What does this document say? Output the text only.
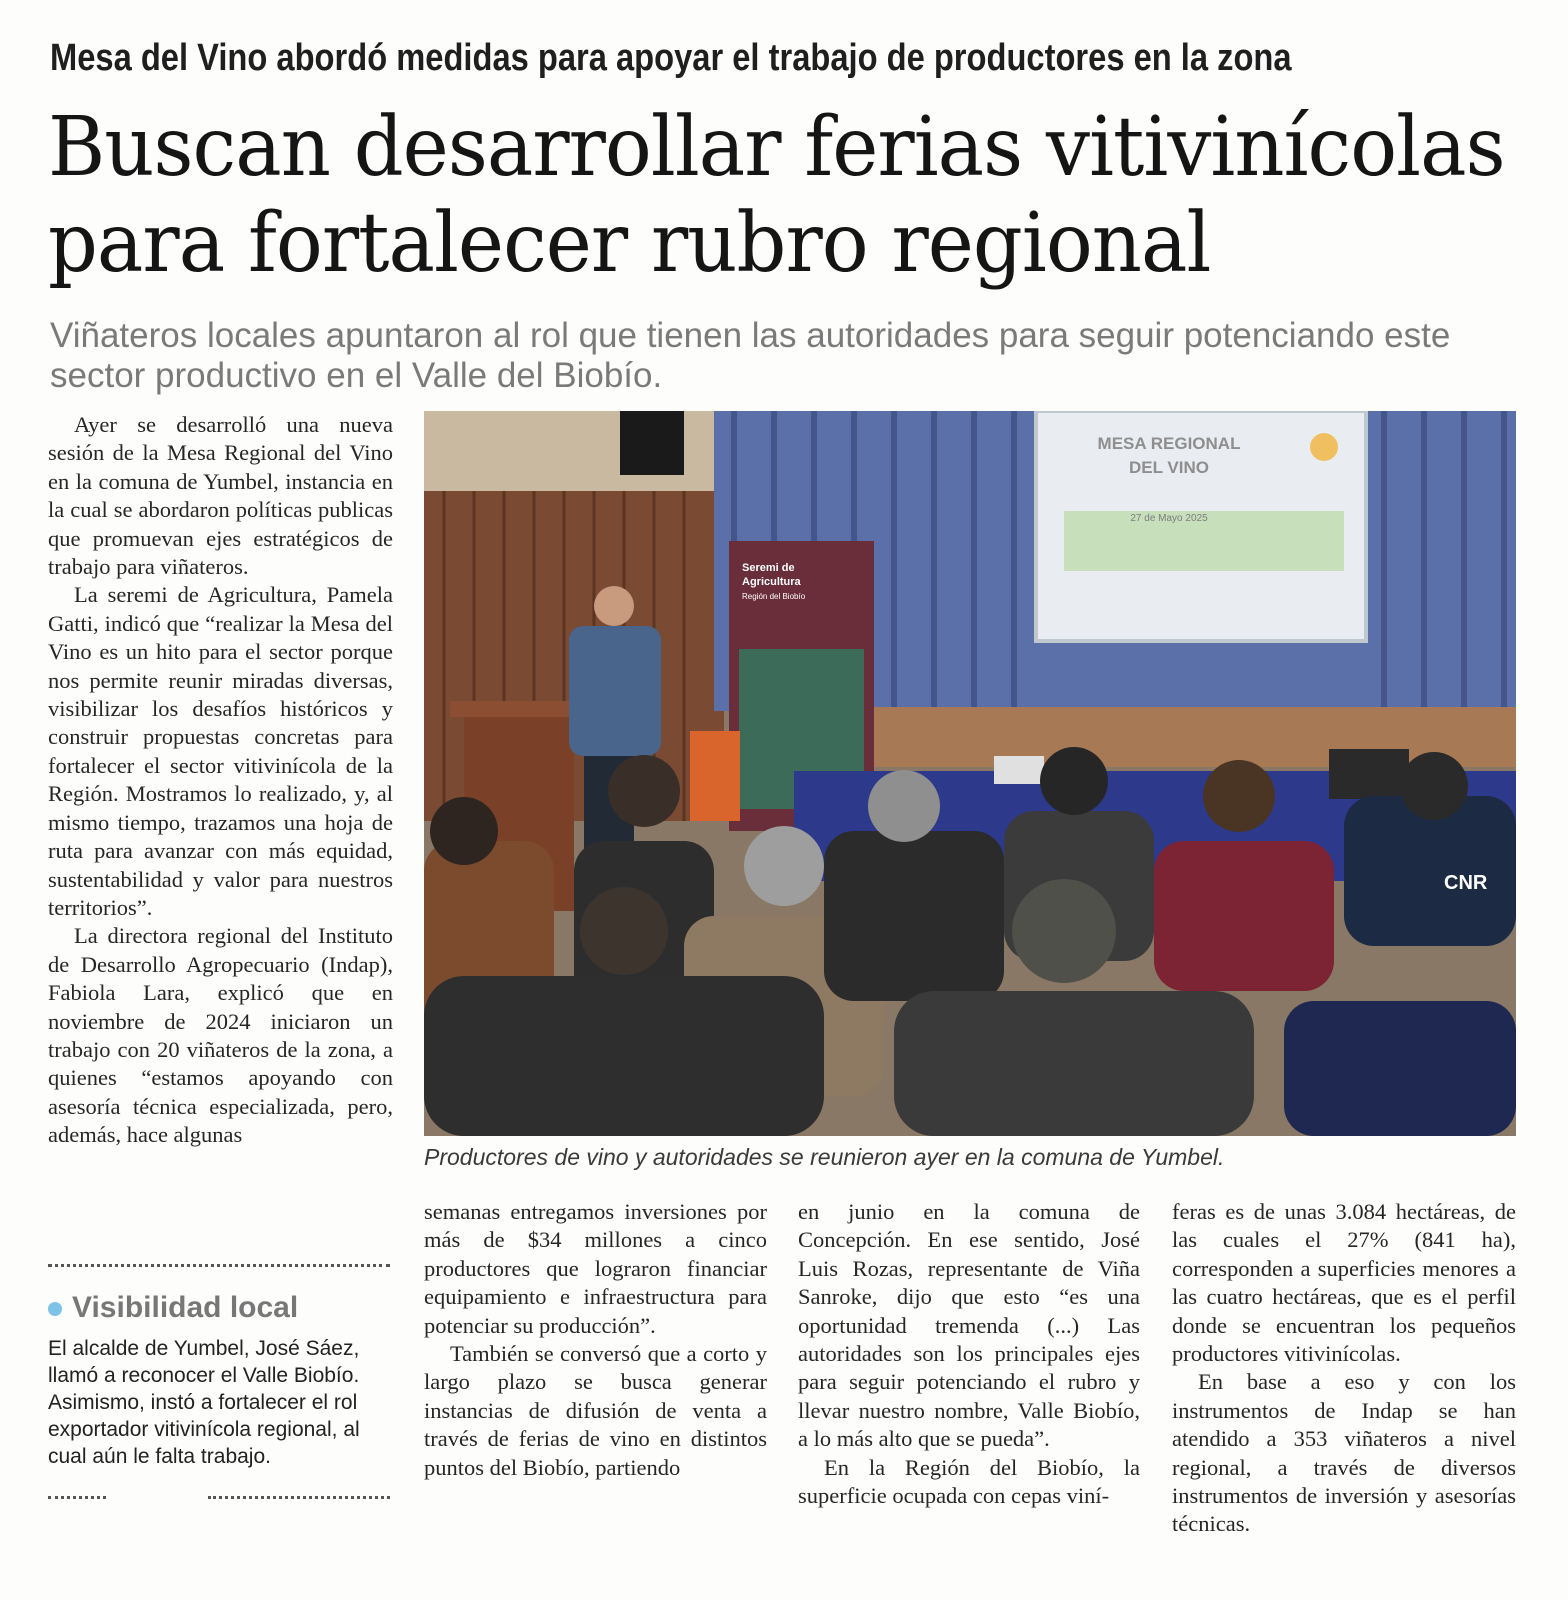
Mesa del Vino abordó medidas para apoyar el trabajo de productores en la zona
Buscan desarrollar ferias vitivinícolas
para fortalecer rubro regional
Viñateros locales apuntaron al rol que tienen las autoridades para seguir potenciando este
sector productivo en el Valle del Biobío.

Ayer se desarrolló una nueva sesión de la Mesa Regional del Vino en la comuna de Yumbel, instancia en la cual se abordaron políticas publicas que promuevan ejes estratégicos de trabajo para viñateros.

La seremi de Agricultura, Pamela Gatti, indicó que “realizar la Mesa del Vino es un hito para el sector porque nos permite reunir miradas diversas, visibilizar los desafíos históricos y construir propuestas concretas para fortalecer el sector vitivinícola de la Región. Mostramos lo realizado, y, al mismo tiempo, trazamos una hoja de ruta para avanzar con más equidad, sustentabilidad y valor para nuestros territorios”.

La directora regional del Instituto de Desarrollo Agropecuario (Indap), Fabiola Lara, explicó que en noviembre de 2024 iniciaron un trabajo con 20 viñateros de la zona, a quienes “estamos apoyando con asesoría técnica especializada, pero, además, hace algunas

Visibilidad local
El alcalde de Yumbel, José Sáez, llamó a reconocer el Valle Biobío. Asimismo, instó a fortalecer el rol exportador vitivinícola regional, al cual aún le falta trabajo.
MESA REGIONAL
DEL VINO
27 de Mayo 2025
Seremi de
Agricultura
Región del Biobío
CNR
Productores de vino y autoridades se reunieron ayer en la comuna de Yumbel.

semanas entregamos inversiones por más de $34 millones a cinco productores que lograron financiar equipamiento e infraestructura para potenciar su producción”.

También se conversó que a corto y largo plazo se busca generar instancias de difusión de venta a través de ferias de vino en distintos puntos del Biobío, partiendo

en junio en la comuna de Concepción. En ese sentido, José Luis Rozas, representante de Viña Sanroke, dijo que esto “es una oportunidad tremenda (...) Las autoridades son los principales ejes para seguir potenciando el rubro y llevar nuestro nombre, Valle Biobío, a lo más alto que se pueda”.

En la Región del Biobío, la superficie ocupada con cepas viní-

feras es de unas 3.084 hectáreas, de las cuales el 27% (841 ha), corresponden a superficies menores a las cuatro hectáreas, que es el perfil donde se encuentran los pequeños productores vitivinícolas.

En base a eso y con los instrumentos de Indap se han atendido a 353 viñateros a nivel regional, a través de diversos instrumentos de inversión y asesorías técnicas.
